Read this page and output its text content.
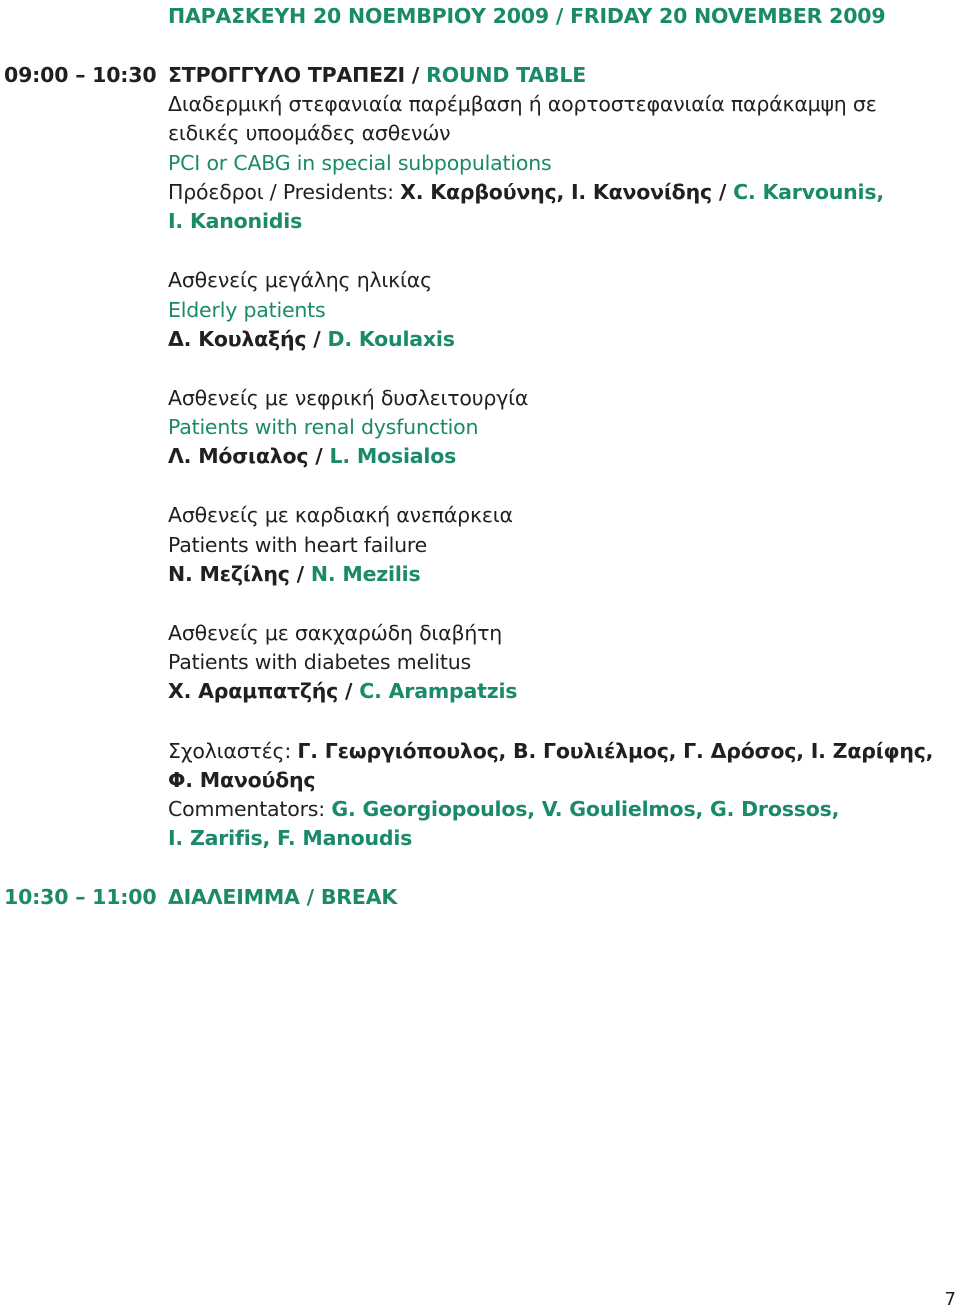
ΠΑΡΑΣΚΕΥΗ 20 ΝΟΕΜΒΡΙΟΥ 2009 / FRIDAY 20 NOVEMBER 2009
09:00 – 10:30 ΣΤΡΟΓΓΥΛΟ ΤΡΑΠΕΖΙ / ROUND TABLE
Διαδερμική στεφανιαία παρέμβαση ή αορτοστεφανιαία παράκαμψη σε
ειδικές υποομάδες ασθενών
PCI or CABG in special subpopulations
Πρόεδροι / Presidents: Χ. Καρβούνης, Ι. Κανονίδης / C. Karvounis,
I. Kanonidis
Ασθενείς μεγάλης ηλικίας
Elderly patients
Δ. Κουλαξής / D. Koulaxis
Ασθενείς με νεφρική δυσλειτουργία
Patients with renal dysfunction
Λ. Μόσιαλος / L. Mosialos
Ασθενείς με καρδιακή ανεπάρκεια
Patients with heart failure
Ν. Μεζίλης / N. Mezilis
Ασθενείς με σακχαρώδη διαβήτη
Patients with diabetes melitus
Χ. Αραμπατζής / C. Arampatzis
Σχολιαστές: Γ. Γεωργιόπουλος, Β. Γουλιέλμος, Γ. Δρόσος, Ι. Ζαρίφης,
Φ. Μανούδης
Commentators: G. Georgiopoulos, V. Goulielmos, G. Drossos,
I. Zarifis, F. Manoudis
10:30 – 11:00 ΔΙΑΛΕΙΜΜΑ / BREAK
7
